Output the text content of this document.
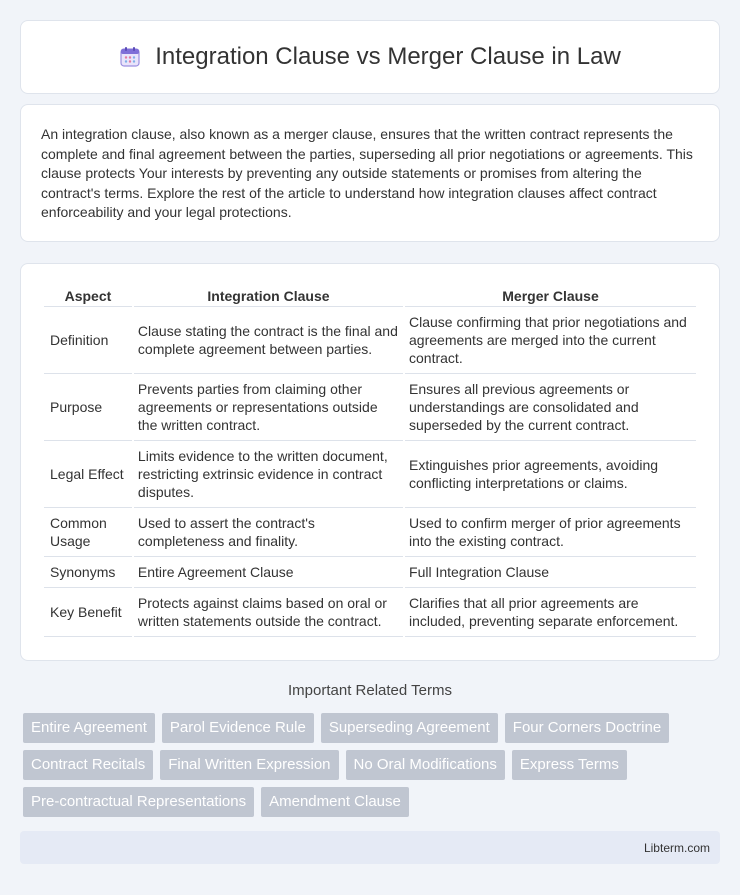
Integration Clause vs Merger Clause in Law

An integration clause, also known as a merger clause, ensures that the written contract represents the complete and final agreement between the parties, superseding all prior negotiations or agreements. This clause protects Your interests by preventing any outside statements or promises from altering the contract's terms. Explore the rest of the article to understand how integration clauses affect contract enforceability and your legal protections.

Aspect	Integration Clause	Merger Clause
Definition	Clause stating the contract is the final and complete agreement between parties.	Clause confirming that prior negotiations and agreements are merged into the current contract.
Purpose	Prevents parties from claiming other agreements or representations outside the written contract.	Ensures all previous agreements or understandings are consolidated and superseded by the current contract.
Legal Effect	Limits evidence to the written document, restricting extrinsic evidence in contract disputes.	Extinguishes prior agreements, avoiding conflicting interpretations or claims.
Common Usage	Used to assert the contract's completeness and finality.	Used to confirm merger of prior agreements into the existing contract.
Synonyms	Entire Agreement Clause	Full Integration Clause
Key Benefit	Protects against claims based on oral or written statements outside the contract.	Clarifies that all prior agreements are included, preventing separate enforcement.
Important Related Terms
Entire Agreement	Parol Evidence Rule	Superseding Agreement	Four Corners Doctrine
Contract Recitals	Final Written Expression	No Oral Modifications	Express Terms
Pre-contractual Representations	Amendment Clause
Libterm.com
